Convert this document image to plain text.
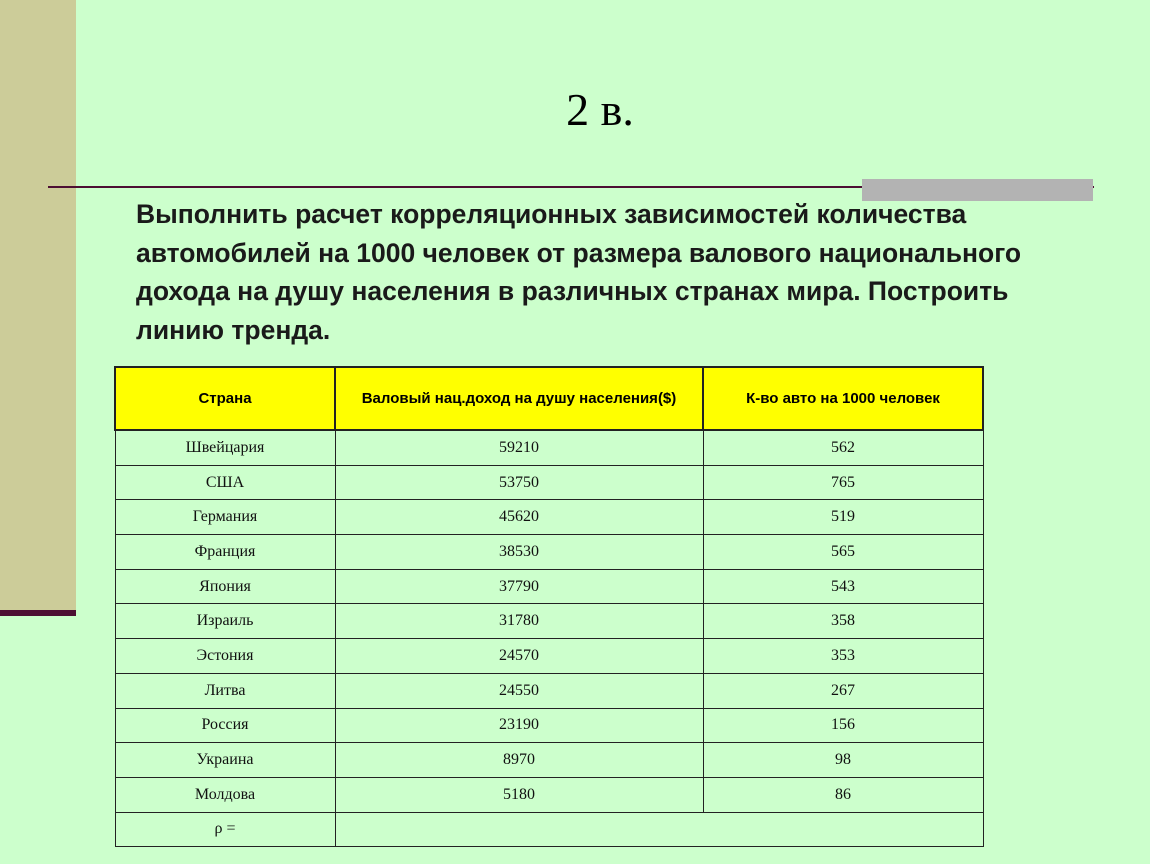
2 в.
Выполнить расчет корреляционных зависимостей количества автомобилей на 1000 человек от размера валового национального дохода на душу населения в различных странах мира. Построить линию тренда.
Страна	Валовый нац.доход на душу населения($)	К-во авто на 1000 человек
Швейцария	59210	562
США	53750	765
Германия	45620	519
Франция	38530	565
Япония	37790	543
Израиль	31780	358
Эстония	24570	353
Литва	24550	267
Россия	23190	156
Украина	8970	98
Молдова	5180	86
ρ =		
